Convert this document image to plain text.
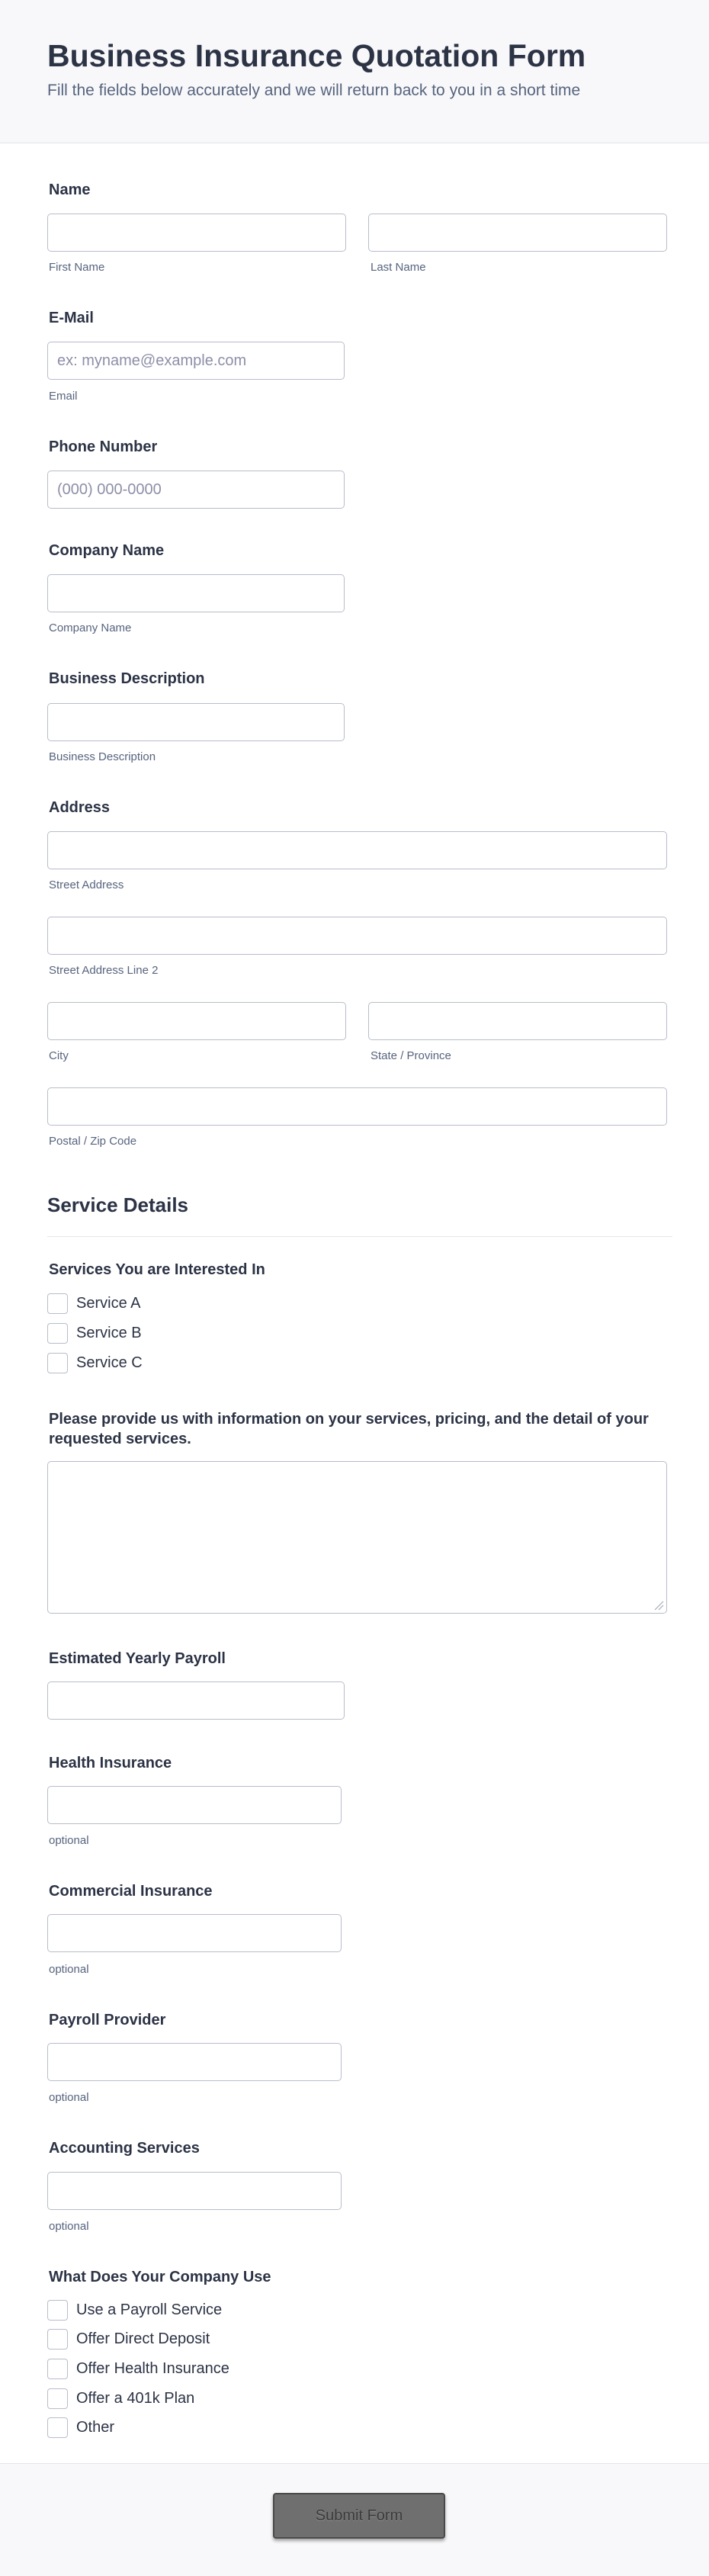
Business Insurance Quotation Form
Fill the fields below accurately and we will return back to you in a short time
Name
First Name	Last Name
E-Mail
ex: myname@example.com
Email
Phone Number
(000) 000-0000
Company Name
Company Name
Business Description
Business Description
Address
Street Address
Street Address Line 2
City	State / Province
Postal / Zip Code
Service Details
Services You are Interested In
Service A
Service B
Service C
Please provide us with information on your services, pricing, and the detail of your requested services.
Estimated Yearly Payroll
Health Insurance
optional
Commercial Insurance
optional
Payroll Provider
optional
Accounting Services
optional
What Does Your Company Use
Use a Payroll Service
Offer Direct Deposit
Offer Health Insurance
Offer a 401k Plan
Other
Submit Form
